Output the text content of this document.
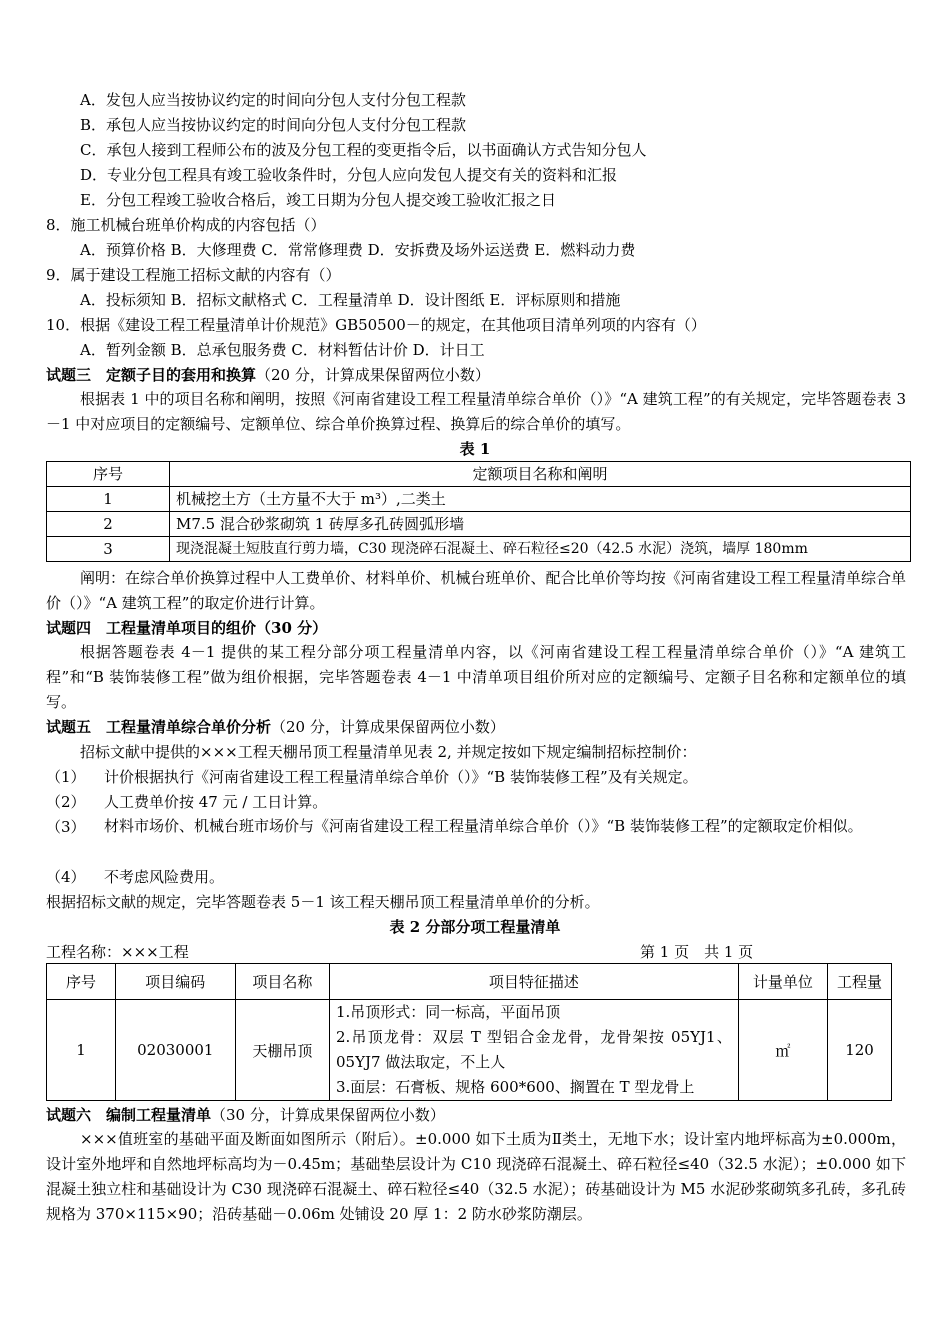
A．发包人应当按协议约定的时间向分包人支付分包工程款
B．承包人应当按协议约定的时间向分包人支付分包工程款
C．承包人接到工程师公布的波及分包工程的变更指令后，以书面确认方式告知分包人
D．专业分包工程具有竣工验收条件时，分包人应向发包人提交有关的资料和汇报
E．分包工程竣工验收合格后，竣工日期为分包人提交竣工验收汇报之日
8．施工机械台班单价构成的内容包括（）
A．预算价格 B．大修理费 C．常常修理费 D．安拆费及场外运送费 E．燃料动力费
9．属于建设工程施工招标文献的内容有（）
A．投标须知 B．招标文献格式 C．工程量清单 D．设计图纸 E．评标原则和措施
10．根据《建设工程工程量清单计价规范》GB50500－的规定，在其他项目清单列项的内容有（）
A．暂列金额 B．总承包服务费 C．材料暂估计价 D．计日工
试题三　定额子目的套用和换算（20 分，计算成果保留两位小数）
根据表 1 中的项目名称和阐明，按照《河南省建设工程工程量清单综合单价（）》“A 建筑工程”的有关规定，完毕答题卷表 3－1 中对应项目的定额编号、定额单位、综合单价换算过程、换算后的综合单价的填写。
表 1
序号	定额项目名称和阐明
1	机械挖土方（土方量不大于 m³）,二类土
2	M7.5 混合砂浆砌筑 1 砖厚多孔砖圆弧形墙
3	现浇混凝土短肢直行剪力墙，C30 现浇碎石混凝土、碎石粒径≤20（42.5 水泥）浇筑，墙厚 180mm
阐明：在综合单价换算过程中人工费单价、材料单价、机械台班单价、配合比单价等均按《河南省建设工程工程量清单综合单价（）》“A 建筑工程”的取定价进行计算。
试题四　工程量清单项目的组价（30 分）
根据答题卷表 4－1 提供的某工程分部分项工程量清单内容，以《河南省建设工程工程量清单综合单价（）》“A 建筑工程”和“B 装饰装修工程”做为组价根据，完毕答题卷表 4－1 中清单项目组价所对应的定额编号、定额子目名称和定额单位的填写。
试题五　工程量清单综合单价分析（20 分，计算成果保留两位小数）
招标文献中提供的×××工程天棚吊顶工程量清单见表 2, 并规定按如下规定编制招标控制价：
（1） 计价根据执行《河南省建设工程工程量清单综合单价（）》“B 装饰装修工程”及有关规定。
（2） 人工费单价按 47 元 / 工日计算。
（3） 材料市场价、机械台班市场价与《河南省建设工程工程量清单综合单价（）》“B 装饰装修工程”的定额取定价相似。
（4） 不考虑风险费用。
根据招标文献的规定，完毕答题卷表 5－1 该工程天棚吊顶工程量清单单价的分析。
表 2 分部分项工程量清单
工程名称：×××工程	第 1 页　共 1 页
序号	项目编码	项目名称	项目特征描述	计量单位	工程量
1	02030001	天棚吊顶	1.吊顶形式：同一标高，平面吊顶
2.吊顶龙骨：双层 T 型铝合金龙骨，龙骨架按 05YJ1、05YJ7 做法取定，不上人
3.面层：石膏板、规格 600*600、搁置在 T 型龙骨上	㎡	120
试题六　编制工程量清单（30 分，计算成果保留两位小数）
×××值班室的基础平面及断面如图所示（附后）。±0.000 如下土质为Ⅱ类土，无地下水；设计室内地坪标高为±0.000m，设计室外地坪和自然地坪标高均为－0.45m；基础垫层设计为 C10 现浇碎石混凝土、碎石粒径≤40（32.5 水泥）；±0.000 如下混凝土独立柱和基础设计为 C30 现浇碎石混凝土、碎石粒径≤40（32.5 水泥）；砖基础设计为 M5 水泥砂浆砌筑多孔砖，多孔砖规格为 370×115×90；沿砖基础－0.06m 处铺设 20 厚 1：2 防水砂浆防潮层。
